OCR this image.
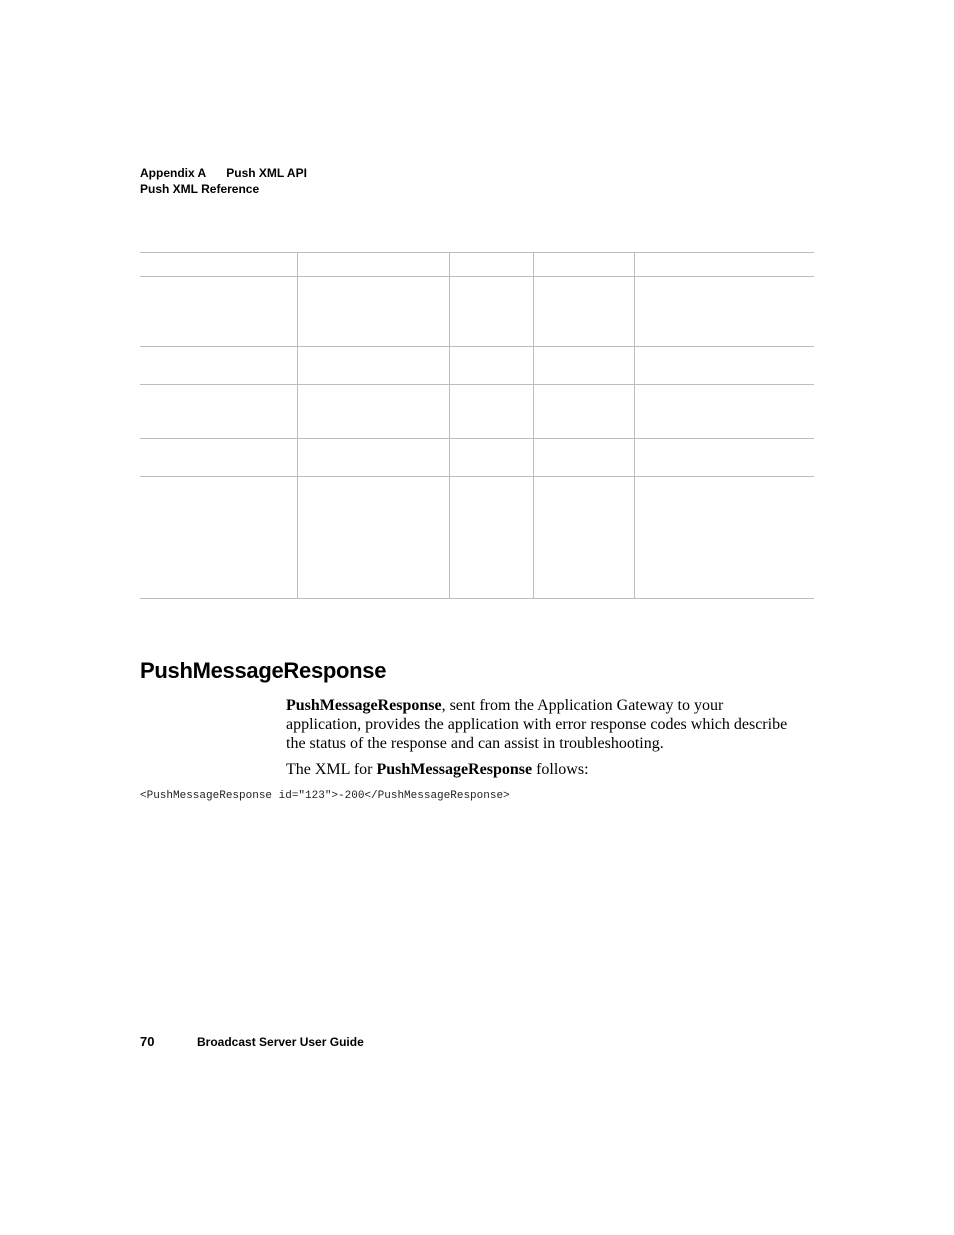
Appendix A Push XML API
Push XML Reference

PushMessageResponse

PushMessageResponse, sent from the Application Gateway to your application, provides the application with error response codes which describe the status of the response and can assist in troubleshooting.

The XML for PushMessageResponse follows:

<PushMessageResponse id="123">-200</PushMessageResponse>
70	Broadcast Server User Guide
